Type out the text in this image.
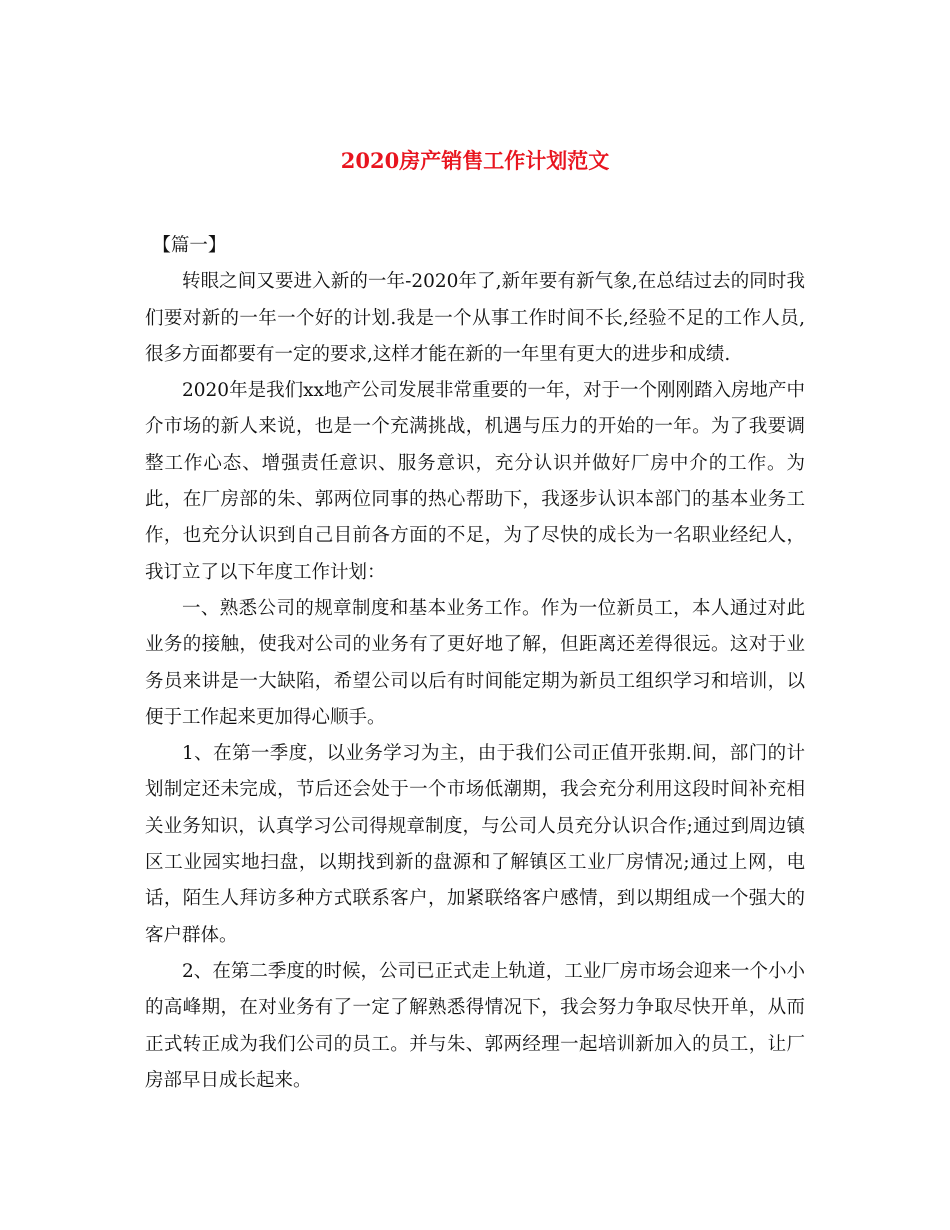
2020房产销售工作计划范文

【篇一】

转眼之间又要进入新的一年-2020年了,新年要有新气象,在总结过去的同时我们要对新的一年一个好的计划.我是一个从事工作时间不长,经验不足的工作人员,很多方面都要有一定的要求,这样才能在新的一年里有更大的进步和成绩.

2020年是我们xx地产公司发展非常重要的一年，对于一个刚刚踏入房地产中介市场的新人来说，也是一个充满挑战，机遇与压力的开始的一年。为了我要调整工作心态、增强责任意识、服务意识，充分认识并做好厂房中介的工作。为此，在厂房部的朱、郭两位同事的热心帮助下，我逐步认识本部门的基本业务工作，也充分认识到自己目前各方面的不足，为了尽快的成长为一名职业经纪人，我订立了以下年度工作计划：

一、熟悉公司的规章制度和基本业务工作。作为一位新员工，本人通过对此业务的接触，使我对公司的业务有了更好地了解，但距离还差得很远。这对于业务员来讲是一大缺陷，希望公司以后有时间能定期为新员工组织学习和培训，以便于工作起来更加得心顺手。

1、在第一季度，以业务学习为主，由于我们公司正值开张期.间，部门的计划制定还未完成，节后还会处于一个市场低潮期，我会充分利用这段时间补充相关业务知识，认真学习公司得规章制度，与公司人员充分认识合作;通过到周边镇区工业园实地扫盘，以期找到新的盘源和了解镇区工业厂房情况;通过上网，电话，陌生人拜访多种方式联系客户，加紧联络客户感情，到以期组成一个强大的客户群体。

2、在第二季度的时候，公司已正式走上轨道，工业厂房市场会迎来一个小小的高峰期，在对业务有了一定了解熟悉得情况下，我会努力争取尽快开单，从而正式转正成为我们公司的员工。并与朱、郭两经理一起培训新加入的员工，让厂房部早日成长起来。
